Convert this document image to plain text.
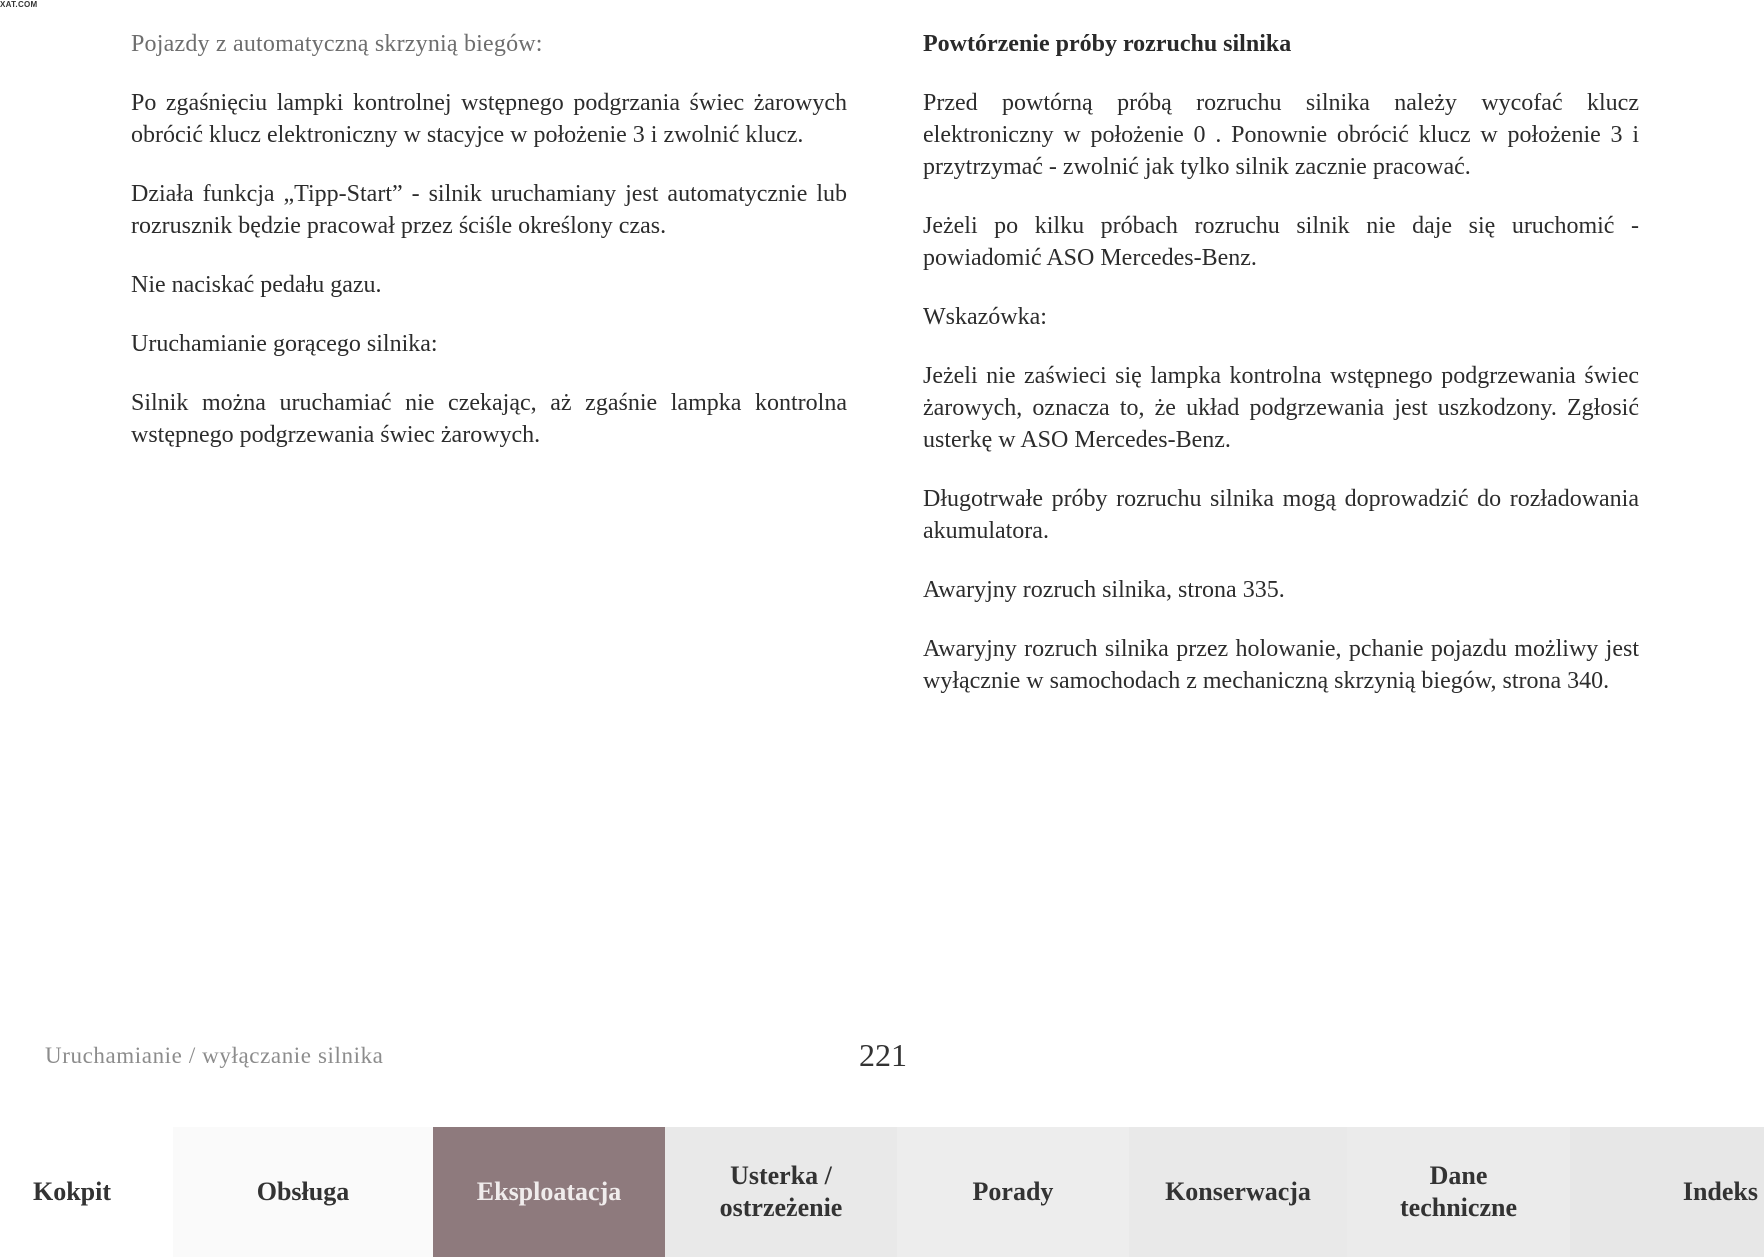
XAT.COM

Pojazdy z automatyczną skrzynią biegów:

Po zgaśnięciu lampki kontrolnej wstępnego podgrzania świec żarowych obrócić klucz elektroniczny w stacyjce w położenie 3 i zwolnić klucz.

Działa funkcja „Tipp-Start” - silnik uruchamiany jest automatycznie lub rozrusznik będzie pracował przez ściśle określony czas.

Nie naciskać pedału gazu.

Uruchamianie gorącego silnika:

Silnik można uruchamiać nie czekając, aż zgaśnie lampka kontrolna wstępnego podgrzewania świec żarowych.

Powtórzenie próby rozruchu silnika

Przed powtórną próbą rozruchu silnika należy wycofać klucz elektroniczny w położenie 0 . Ponownie obrócić klucz w położenie 3 i przytrzymać - zwolnić jak tylko silnik zacznie pracować.

Jeżeli po kilku próbach rozruchu silnik nie daje się uruchomić - powiadomić ASO Mercedes-Benz.

Wskazówka:

Jeżeli nie zaświeci się lampka kontrolna wstępnego podgrzewania świec żarowych, oznacza to, że układ podgrzewania jest uszkodzony. Zgłosić usterkę w ASO Mercedes-Benz.

Długotrwałe próby rozruchu silnika mogą doprowadzić do rozładowania akumulatora.

Awaryjny rozruch silnika, strona 335.

Awaryjny rozruch silnika przez holowanie, pchanie pojazdu możliwy jest wyłącznie w samochodach z mechaniczną skrzynią biegów, strona 340.

Uruchamianie / wyłączanie silnika	221
Kokpit	Obsługa	Eksploatacja
Usterka /
ostrzeżenie
Porady	Konserwacja
Dane
techniczne
Indeks
